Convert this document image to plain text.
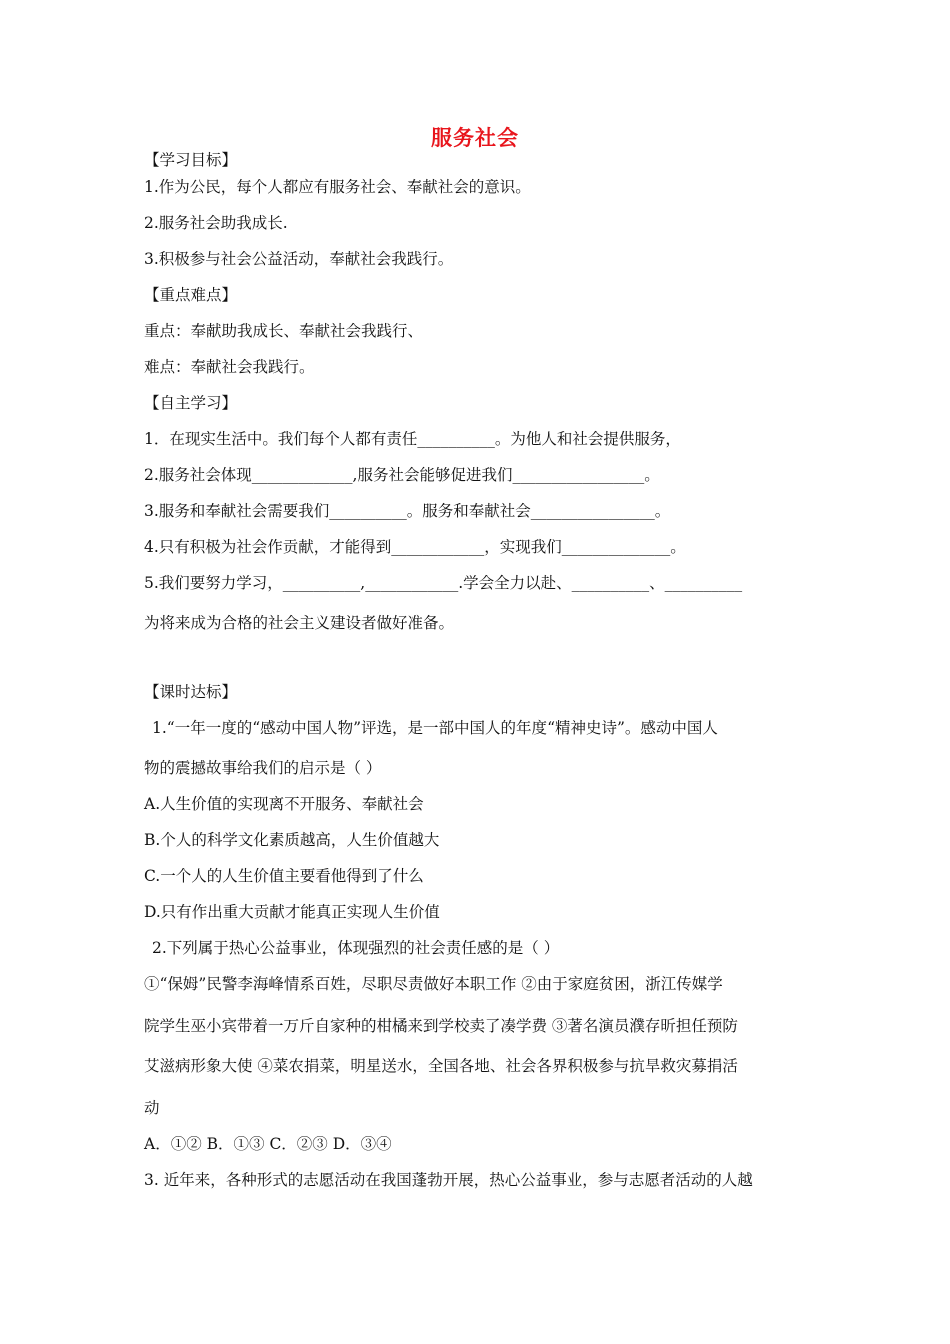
服务社会
【学习目标】
1.作为公民，每个人都应有服务社会、奉献社会的意识。
2.服务社会助我成长.
3.积极参与社会公益活动，奉献社会我践行。
【重点难点】
重点：奉献助我成长、奉献社会我践行、
难点：奉献社会我践行。
【自主学习】
1．在现实生活中。我们每个人都有责任__________。为他人和社会提供服务，
2.服务社会体现_____________,服务社会能够促进我们_________________。
3.服务和奉献社会需要我们__________。服务和奉献社会________________。
4.只有积极为社会作贡献，才能得到____________，实现我们______________。
5.我们要努力学习，__________,____________.学会全力以赴、__________、__________
为将来成为合格的社会主义建设者做好准备。
【课时达标】
1.“一年一度的“感动中国人物”评选，是一部中国人的年度“精神史诗”。感动中国人
物的震撼故事给我们的启示是（ ）
A.人生价值的实现离不开服务、奉献社会
B.个人的科学文化素质越高，人生价值越大
C.一个人的人生价值主要看他得到了什么
D.只有作出重大贡献才能真正实现人生价值
2.下列属于热心公益事业，体现强烈的社会责任感的是（ ）
①“保姆”民警李海峰情系百姓，尽职尽责做好本职工作 ②由于家庭贫困，浙江传媒学
院学生巫小宾带着一万斤自家种的柑橘来到学校卖了凑学费 ③著名演员濮存昕担任预防
艾滋病形象大使 ④菜农捐菜，明星送水，全国各地、社会各界积极参与抗旱救灾募捐活
动
A．①② B．①③ C．②③ D．③④
3. 近年来，各种形式的志愿活动在我国蓬勃开展，热心公益事业，参与志愿者活动的人越
